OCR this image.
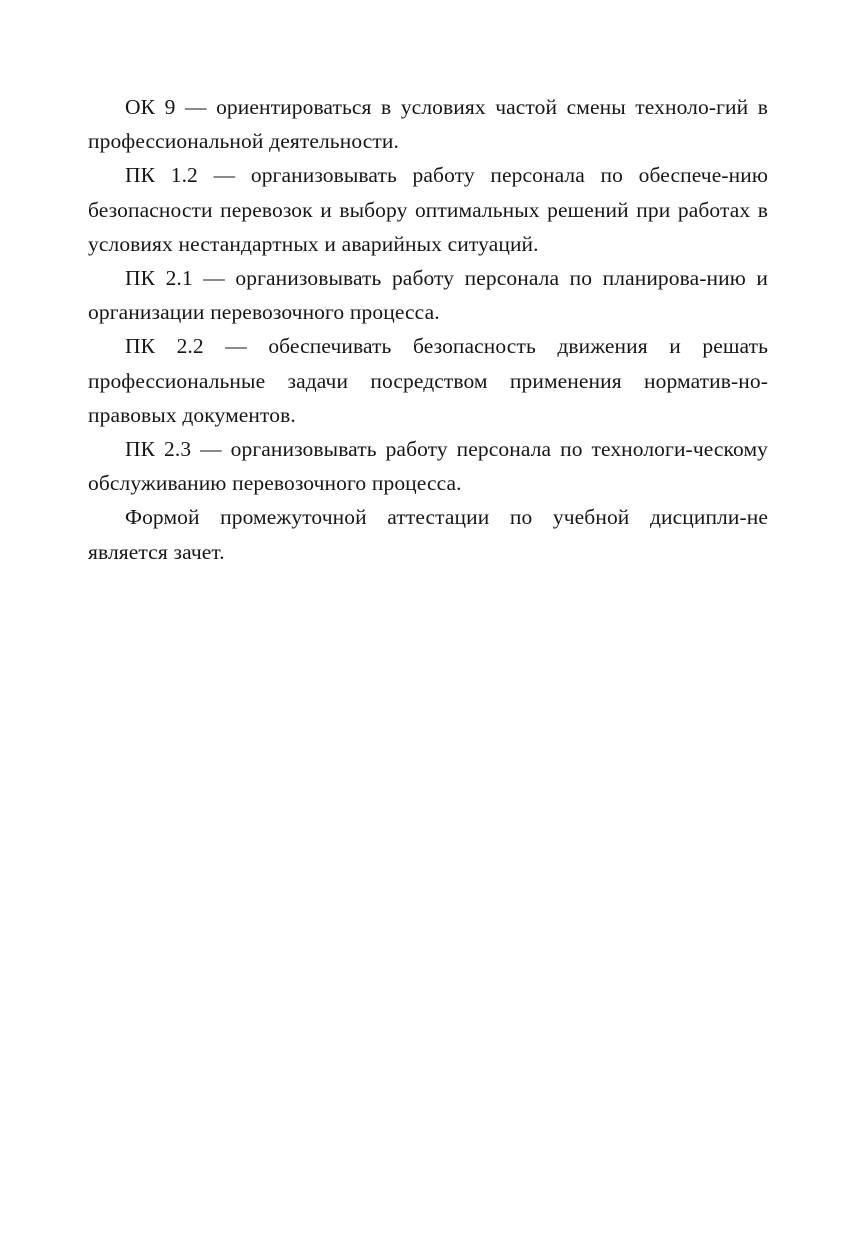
ОК 9 — ориентироваться в условиях частой смены техноло-гий в профессиональной деятельности.

ПК 1.2 — организовывать работу персонала по обеспече-нию безопасности перевозок и выбору оптимальных решений при работах в условиях нестандартных и аварийных ситуаций.

ПК 2.1 — организовывать работу персонала по планирова-нию и организации перевозочного процесса.

ПК 2.2 — обеспечивать безопасность движения и решать профессиональные задачи посредством применения норматив-но-правовых документов.

ПК 2.3 — организовывать работу персонала по технологи-ческому обслуживанию перевозочного процесса.

Формой промежуточной аттестации по учебной дисципли-не является зачет.
